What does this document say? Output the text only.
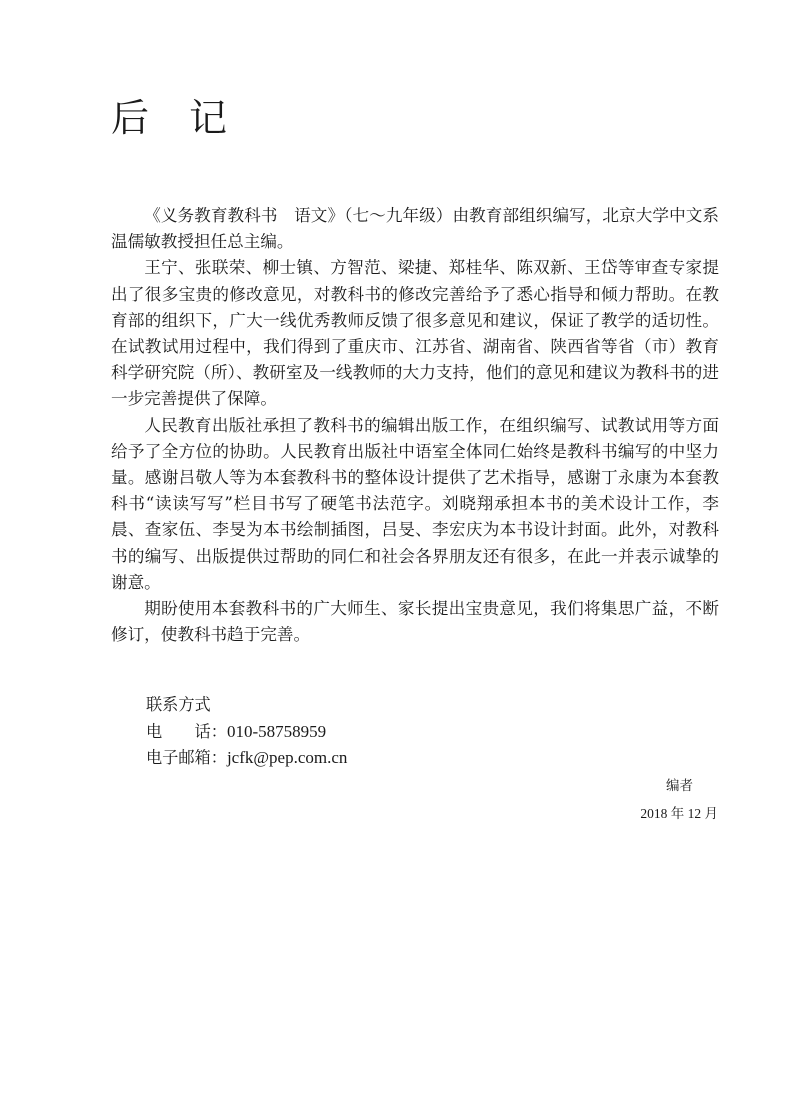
后 记

《义务教育教科书　语文》（七～九年级）由教育部组织编写，北京大学中文系温儒敏教授担任总主编。

王宁、张联荣、柳士镇、方智范、梁捷、郑桂华、陈双新、王岱等审查专家提出了很多宝贵的修改意见，对教科书的修改完善给予了悉心指导和倾力帮助。在教育部的组织下，广大一线优秀教师反馈了很多意见和建议，保证了教学的适切性。在试教试用过程中，我们得到了重庆市、江苏省、湖南省、陕西省等省（市）教育科学研究院（所）、教研室及一线教师的大力支持，他们的意见和建议为教科书的进一步完善提供了保障。

人民教育出版社承担了教科书的编辑出版工作，在组织编写、试教试用等方面给予了全方位的协助。人民教育出版社中语室全体同仁始终是教科书编写的中坚力量。感谢吕敬人等为本套教科书的整体设计提供了艺术指导，感谢丁永康为本套教科书“读读写写”栏目书写了硬笔书法范字。刘晓翔承担本书的美术设计工作，李晨、查家伍、李旻为本书绘制插图，吕旻、李宏庆为本书设计封面。此外，对教科书的编写、出版提供过帮助的同仁和社会各界朋友还有很多，在此一并表示诚挚的谢意。

期盼使用本套教科书的广大师生、家长提出宝贵意见，我们将集思广益，不断修订，使教科书趋于完善。

联系方式
电　　话：010-58758959
电子邮箱：jcfk@pep.com.cn
编者
2018 年 12 月
